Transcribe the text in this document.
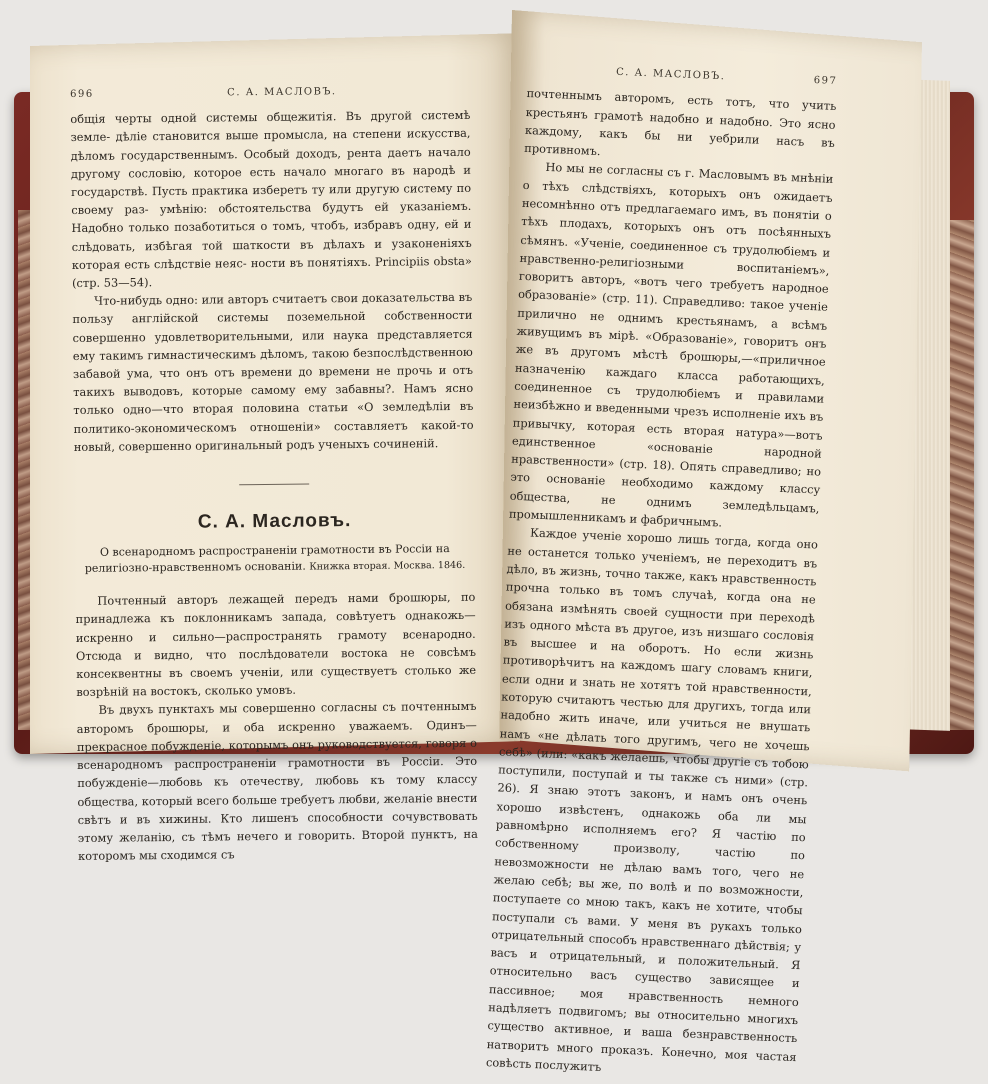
696	С. А. МАСЛОВЪ.

общія черты одной системы общежитія. Въ другой системѣ земле- дѣліе становится выше промысла, на степени искусства, дѣломъ государственнымъ. Особый доходъ, рента даетъ начало другому сословію, которое есть начало многаго въ народѣ и государствѣ. Пусть практика изберетъ ту или другую систему по своему раз- умѣнію: обстоятельства будутъ ей указаніемъ. Надобно только позаботиться о томъ, чтобъ, избравъ одну, ей и слѣдовать, избѣгая той шаткости въ дѣлахъ и узаконеніяхъ которая есть слѣдствіе неяс- ности въ понятіяхъ. Principiis obsta» (стр. 53—54).

Что-нибудь одно: или авторъ считаетъ свои доказательства въ пользу англійской системы поземельной собственности совершенно удовлетворительными, или наука представляется ему такимъ гимнастическимъ дѣломъ, такою безпослѣдственною забавой ума, что онъ отъ времени до времени не прочь и отъ такихъ выводовъ, которые самому ему забавны?. Намъ ясно только одно—что вторая половина статьи «О земледѣліи въ политико-экономическомъ отношеніи» составляетъ какой-то новый, совершенно оригинальный родъ ученыхъ сочиненій.

С. А. Масловъ.

О всенародномъ распространеніи грамотности въ Россіи на религіозно-нравственномъ основаніи. Книжка вторая. Москва. 1846.

Почтенный авторъ лежащей передъ нами брошюры, по принадлежа къ поклонникамъ запада, совѣтуетъ однакожь—искренно и сильно—распространять грамоту всенародно. Отсюда и видно, что послѣдователи востока не совсѣмъ консеквентны въ своемъ ученіи, или существуетъ столько же возрѣній на востокъ, сколько умовъ.

Въ двухъ пунктахъ мы совершенно согласны съ почтеннымъ авторомъ брошюры, и оба искренно уважаемъ. Одинъ—прекрасное побужденіе, которымъ онъ руководствуется, говоря о всенародномъ распространеніи грамотности въ Россіи. Это побужденіе—любовь къ отечеству, любовь къ тому классу общества, который всего больше требуетъ любви, желаніе внести свѣтъ и въ хижины. Кто лишенъ способности сочувствовать этому желанію, съ тѣмъ нечего и говорить. Второй пунктъ, на которомъ мы сходимся съ

С. А. МАСЛОВЪ.	697

почтеннымъ авторомъ, есть тотъ, что учить крестьянъ грамотѣ надобно и надобно. Это ясно каждому, какъ бы ни уебрили насъ въ противномъ.

Но мы не согласны съ г. Масловымъ въ мнѣніи о тѣхъ слѣдствіяхъ, которыхъ онъ ожидаетъ несомнѣнно отъ предлагаемаго имъ, въ понятіи о тѣхъ плодахъ, которыхъ онъ отъ посѣянныхъ сѣмянъ. «Ученіе, соединенное съ трудолюбіемъ и нравственно-религіозными воспитаніемъ», говоритъ авторъ, «вотъ чего требуетъ народное образованіе» (стр. 11). Справедливо: такое ученіе прилично не однимъ крестьянамъ, а всѣмъ живущимъ въ мірѣ. «Образованіе», говоритъ онъ же въ другомъ мѣстѣ брошюры,—«приличное назначенію каждаго класса работающихъ, соединенное съ трудолюбіемъ и правилами неизбѣжно и введенными чрезъ исполненіе ихъ въ привычку, которая есть вторая натура»—вотъ единственное «основаніе народной нравственности» (стр. 18). Опять справедливо; но это основаніе необходимо каждому классу общества, не однимъ земледѣльцамъ, промышленникамъ и фабричнымъ.

Каждое ученіе хорошо лишь тогда, когда оно не останется только ученіемъ, не переходитъ въ дѣло, въ жизнь, точно также, какъ нравственность прочна только въ томъ случаѣ, когда она не обязана измѣнять своей сущности при переходѣ изъ одного мѣста въ другое, изъ низшаго сословія въ высшее и на оборотъ. Но если жизнь противорѣчитъ на каждомъ шагу словамъ книги, если одни и знать не хотятъ той нравственности, которую считаютъ честью для другихъ, тогда или надобно жить иначе, или учиться не внушать намъ «не дѣлать того другимъ, чего не хочешь себѣ» (или: «какъ желаешь, чтобы другіе съ тобою поступили, поступай и ты также съ ними» (стр. 26). Я знаю этотъ законъ, и намъ онъ очень хорошо извѣстенъ, однакожь оба ли мы равномѣрно исполняемъ его? Я частію по собственному произволу, частію по невозможности не дѣлаю вамъ того, чего не желаю себѣ; вы же, по волѣ и по возможности, поступаете со мною такъ, какъ не хотите, чтобы поступали съ вами. У меня въ рукахъ только отрицательный способъ нравственнаго дѣйствія; у васъ и отрицательный, и положительный. Я относительно васъ существо зависящее и пассивное; моя нравственность немного надѣляетъ подвигомъ; вы относительно многихъ существо активное, и ваша безнравственность натворитъ много проказъ. Конечно, моя частая совѣсть послужитъ
